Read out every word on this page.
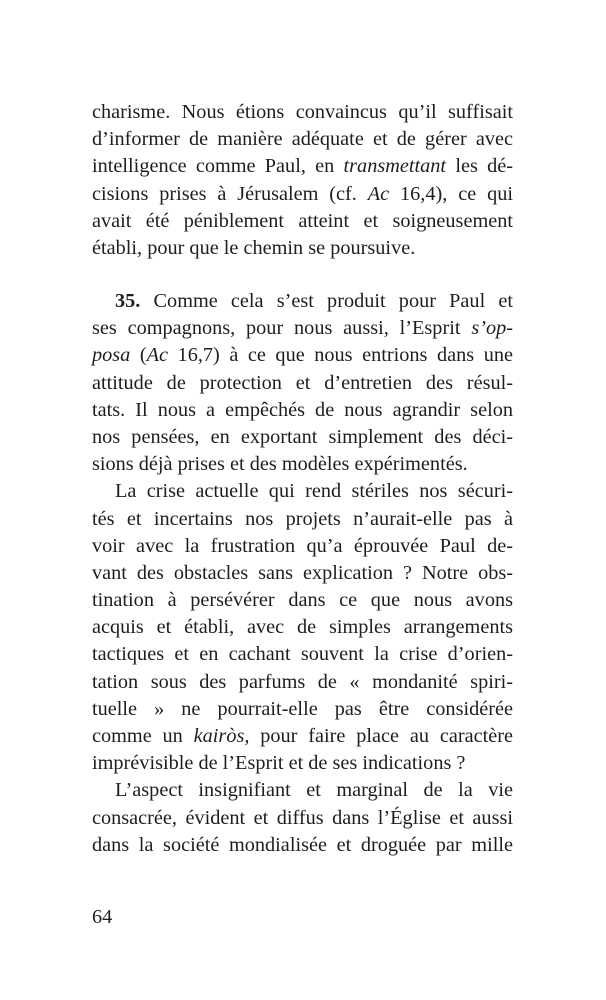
charisme. Nous étions convaincus qu’il suffisait
d’informer de manière adéquate et de gérer avec
intelligence comme Paul, en transmettant les dé-
cisions prises à Jérusalem (cf. Ac 16,4), ce qui
avait été péniblement atteint et soigneusement
établi, pour que le chemin se poursuive.
35. Comme cela s’est produit pour Paul et
ses compagnons, pour nous aussi, l’Esprit s’op-
posa (Ac 16,7) à ce que nous entrions dans une
attitude de protection et d’entretien des résul-
tats. Il nous a empêchés de nous agrandir selon
nos pensées, en exportant simplement des déci-
sions déjà prises et des modèles expérimentés.
La crise actuelle qui rend stériles nos sécuri-
tés et incertains nos projets n’aurait-elle pas à
voir avec la frustration qu’a éprouvée Paul de-
vant des obstacles sans explication ? Notre obs-
tination à persévérer dans ce que nous avons
acquis et établi, avec de simples arrangements
tactiques et en cachant souvent la crise d’orien-
tation sous des parfums de « mondanité spiri-
tuelle » ne pourrait-elle pas être considérée
comme un kairòs, pour faire place au caractère
imprévisible de l’Esprit et de ses indications ?
L’aspect insignifiant et marginal de la vie
consacrée, évident et diffus dans l’Église et aussi
dans la société mondialisée et droguée par mille
64
